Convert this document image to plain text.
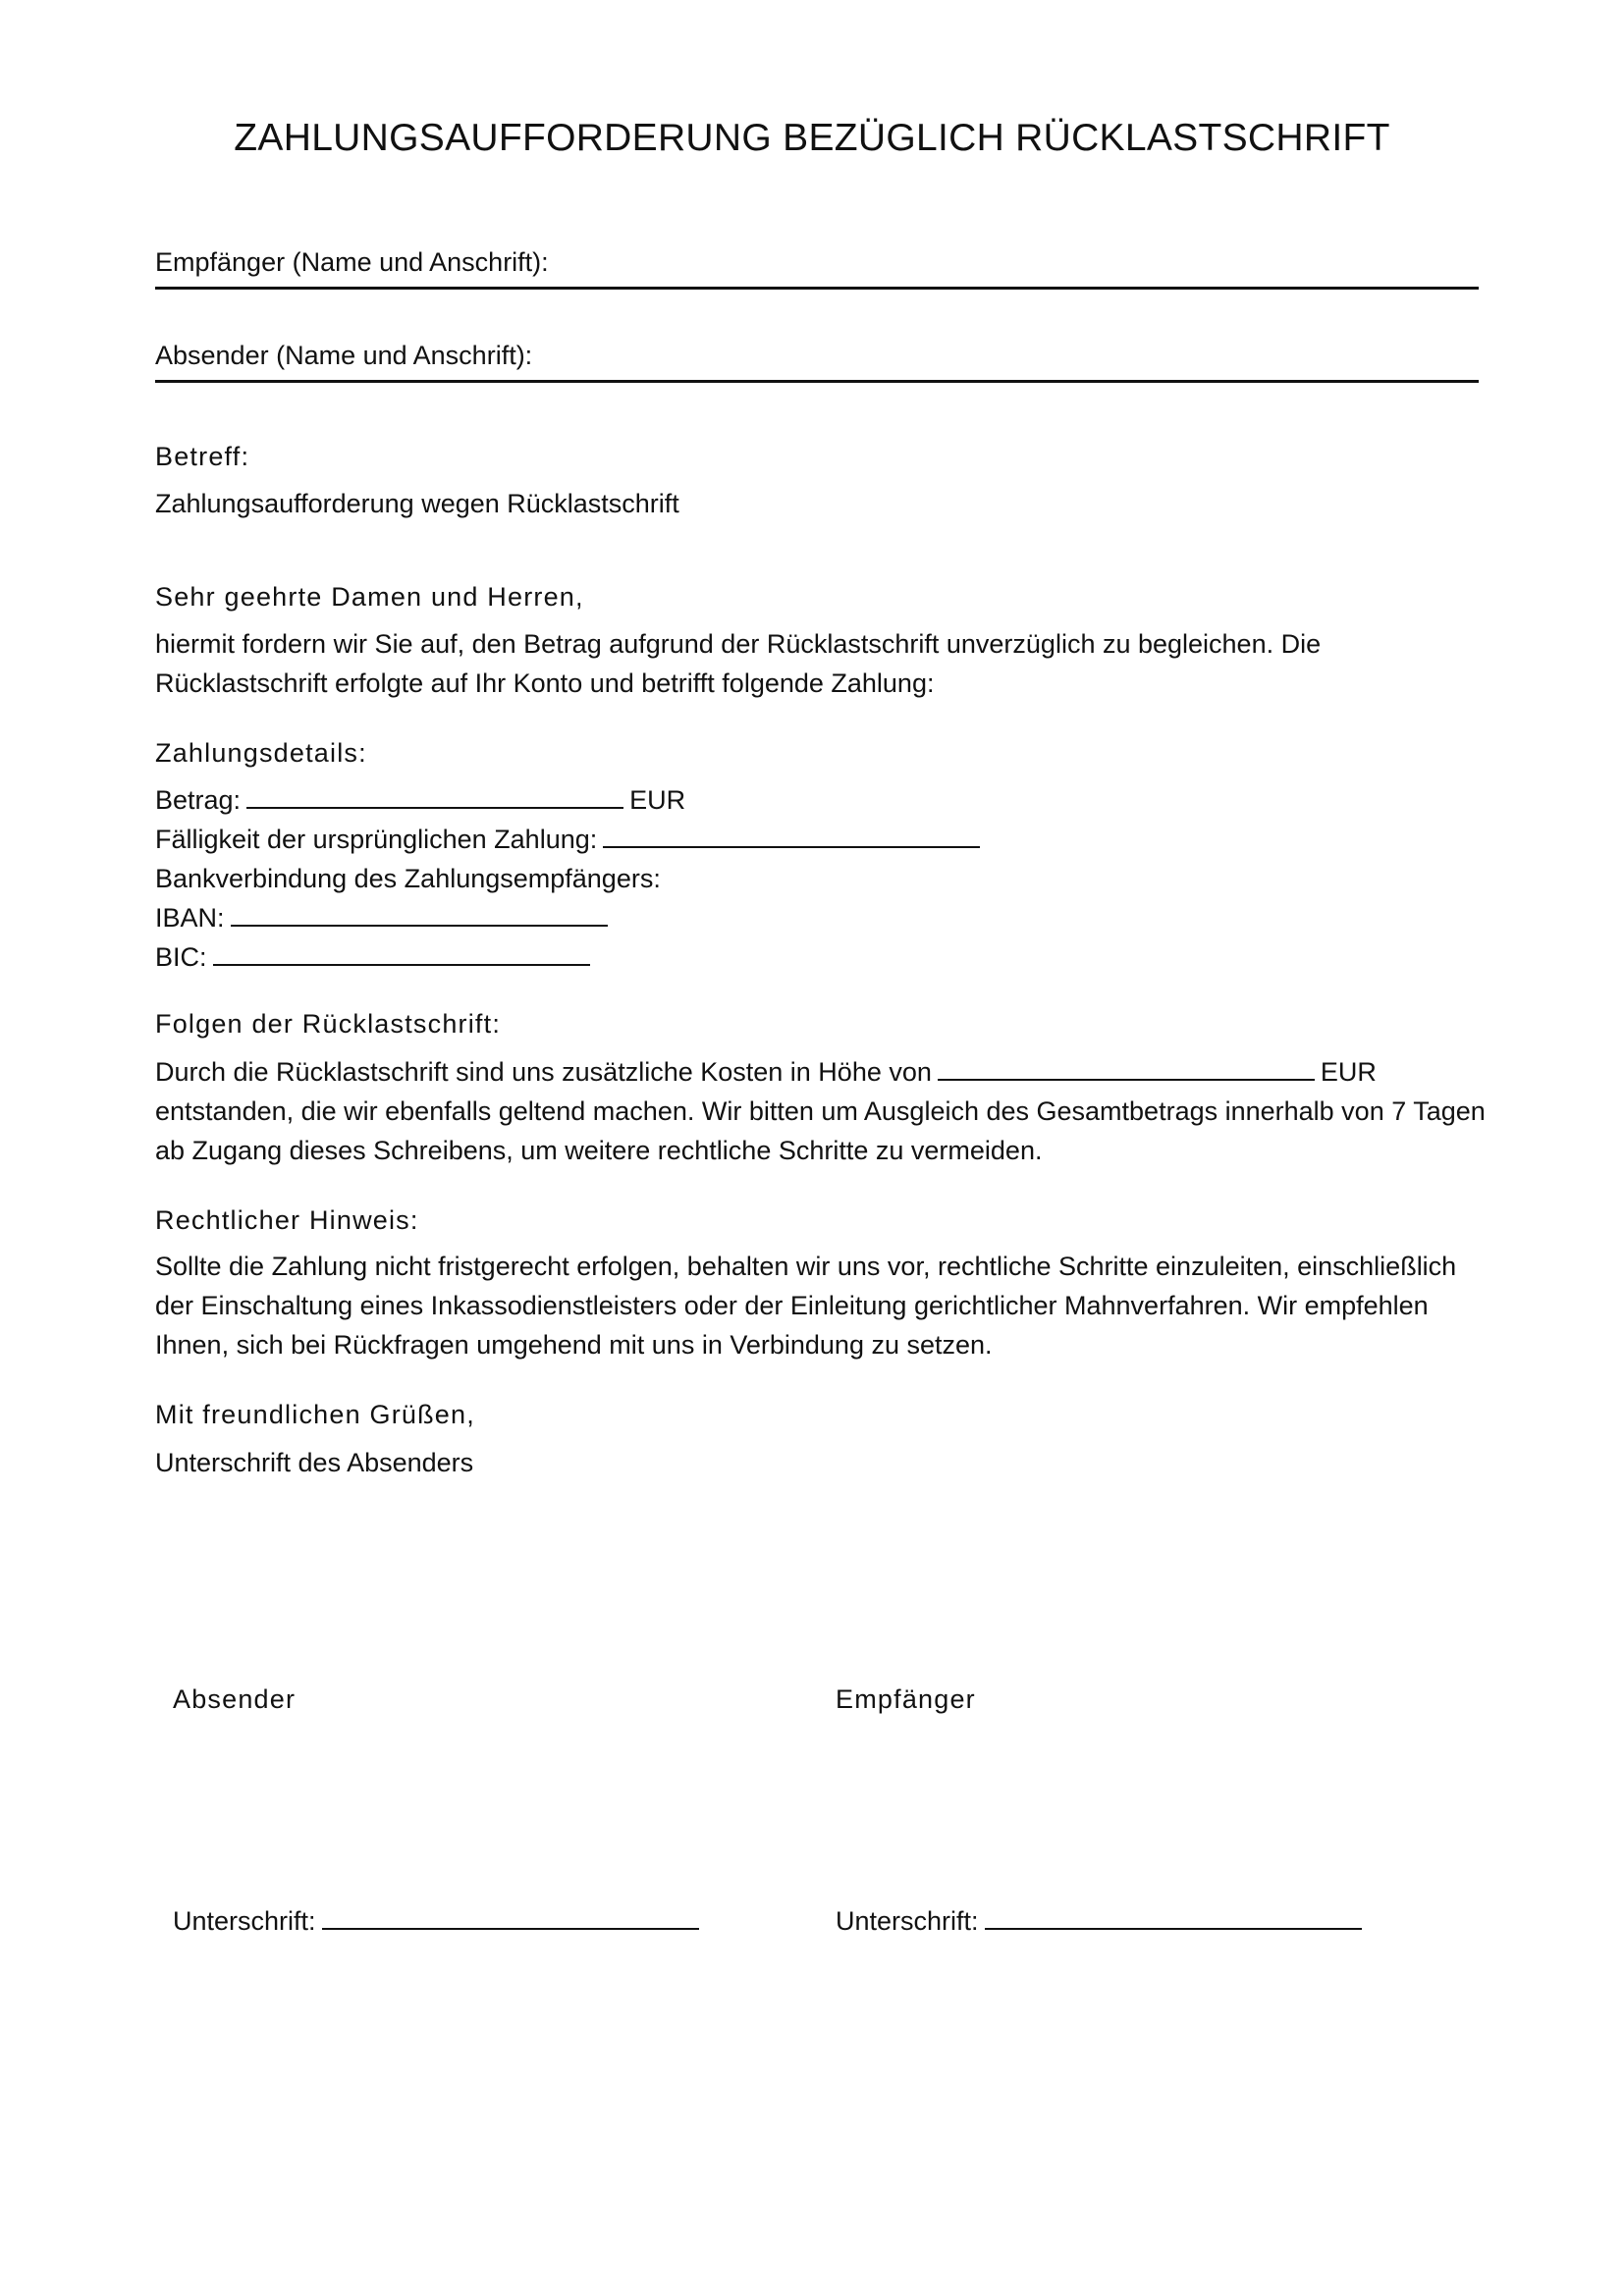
ZAHLUNGSAUFFORDERUNG BEZÜGLICH RÜCKLASTSCHRIFT
Empfänger (Name und Anschrift):
Absender (Name und Anschrift):
Betreff:
Zahlungsaufforderung wegen Rücklastschrift
Sehr geehrte Damen und Herren,
hiermit fordern wir Sie auf, den Betrag aufgrund der Rücklastschrift unverzüglich zu begleichen. Die Rücklastschrift erfolgte auf Ihr Konto und betrifft folgende Zahlung:
Zahlungsdetails:
Betrag:	EUR
Fälligkeit der ursprünglichen Zahlung:
Bankverbindung des Zahlungsempfängers:
IBAN:
BIC:
Folgen der Rücklastschrift:
Durch die Rücklastschrift sind uns zusätzliche Kosten in Höhe von	EUR entstanden, die wir ebenfalls geltend machen. Wir bitten um Ausgleich des Gesamtbetrags innerhalb von 7 Tagen ab Zugang dieses Schreibens, um weitere rechtliche Schritte zu vermeiden.
Rechtlicher Hinweis:
Sollte die Zahlung nicht fristgerecht erfolgen, behalten wir uns vor, rechtliche Schritte einzuleiten, einschließlich der Einschaltung eines Inkassodienstleisters oder der Einleitung gerichtlicher Mahnverfahren. Wir empfehlen Ihnen, sich bei Rückfragen umgehend mit uns in Verbindung zu setzen.
Mit freundlichen Grüßen,
Unterschrift des Absenders
Absender	Empfänger
Unterschrift:	Unterschrift:
